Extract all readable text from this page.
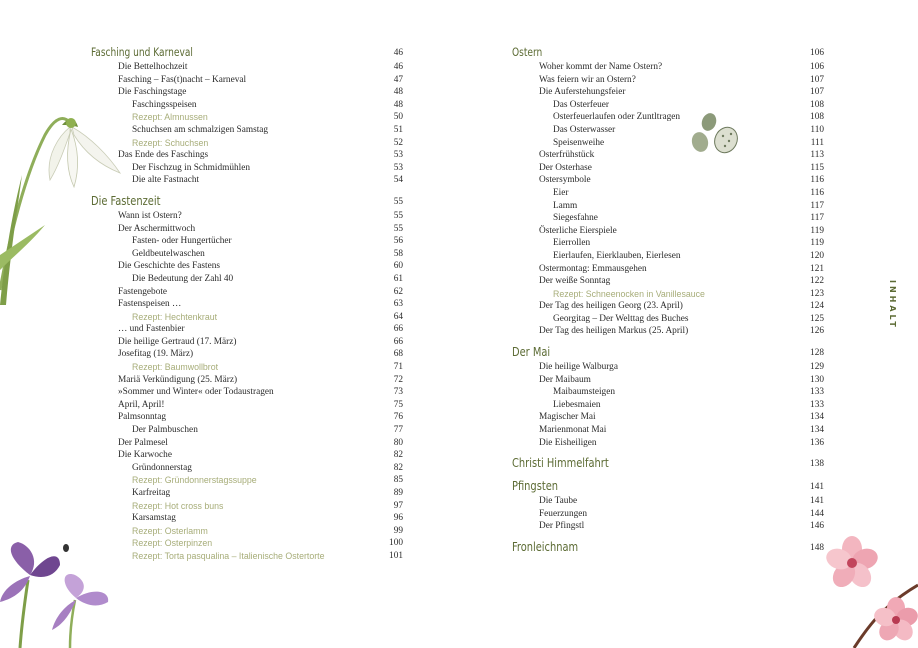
INHALT
Fasching und Karneval	46
Die Bettelhochzeit	46
Fasching – Fas(t)nacht – Karneval	47
Die Faschingstage	48
Faschingsspeisen	48
Rezept: Almnussen	50
Schuchsen am schmalzigen Samstag	51
Rezept: Schuchsen	52
Das Ende des Faschings	53
Der Fischzug in Schmidmühlen	53
Die alte Fastnacht	54
Die Fastenzeit	55
Wann ist Ostern?	55
Der Aschermittwoch	55
Fasten- oder Hungertücher	56
Geldbeutelwaschen	58
Die Geschichte des Fastens	60
Die Bedeutung der Zahl 40	61
Fastengebote	62
Fastenspeisen …	63
Rezept: Hechtenkraut	64
… und Fastenbier	66
Die heilige Gertraud (17. März)	66
Josefitag (19. März)	68
Rezept: Baumwollbrot	71
Mariä Verkündigung (25. März)	72
»Sommer und Winter« oder Todaustragen	73
April, April!	75
Palmsonntag	76
Der Palmbuschen	77
Der Palmesel	80
Die Karwoche	82
Gründonnerstag	82
Rezept: Gründonnerstagssuppe	85
Karfreitag	89
Rezept: Hot cross buns	97
Karsamstag	96
Rezept: Osterlamm	99
Rezept: Osterpinzen	100
Rezept: Torta pasqualina – Italienische Ostertorte	101
Ostern	106
Woher kommt der Name Ostern?	106
Was feiern wir an Ostern?	107
Die Auferstehungsfeier	107
Das Osterfeuer	108
Osterfeuerlaufen oder Zuntltragen	108
Das Osterwasser	110
Speisenweihe	111
Osterfrühstück	113
Der Osterhase	115
Ostersymbole	116
Eier	116
Lamm	117
Siegesfahne	117
Österliche Eierspiele	119
Eierrollen	119
Eierlaufen, Eierklauben, Eierlesen	120
Ostermontag: Emmausgehen	121
Der weiße Sonntag	122
Rezept: Schneenocken in Vanillesauce	123
Der Tag des heiligen Georg (23. April)	124
Georgitag – Der Welttag des Buches	125
Der Tag des heiligen Markus (25. April)	126
Der Mai	128
Die heilige Walburga	129
Der Maibaum	130
Maibaumsteigen	133
Liebesmaien	133
Magischer Mai	134
Marienmonat Mai	134
Die Eisheiligen	136
Christi Himmelfahrt	138
Pfingsten	141
Die Taube	141
Feuerzungen	144
Der Pfingstl	146
Fronleichnam	148
